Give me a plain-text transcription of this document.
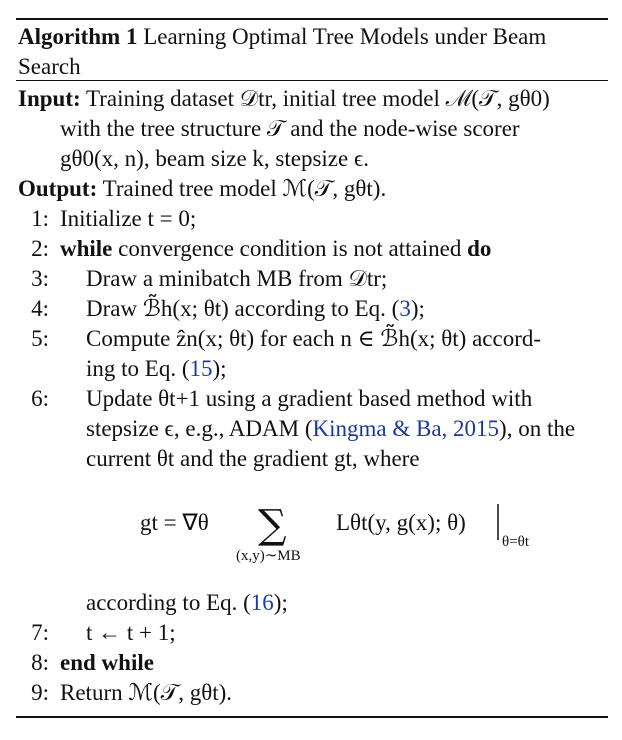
Algorithm 1 Learning Optimal Tree Models under Beam
Search
Input: Training dataset 𝒟tr, initial tree model ℳ(𝒯, gθ0)
with the tree structure 𝒯 and the node-wise scorer
gθ0(x, n), beam size k, stepsize ϵ.
Output: Trained tree model ℳ(𝒯, gθt).
1: Initialize t = 0;
2: while convergence condition is not attained do
3: Draw a minibatch MB from 𝒟tr;
4: Draw ℬ̃h(x; θt) according to Eq. (3);
5: Compute ẑn(x; θt) for each n ∈ ℬ̃h(x; θt) accord-
ing to Eq. (15);
6: Update θt+1 using a gradient based method with
stepsize ϵ, e.g., ADAM (Kingma & Ba, 2015), on the
current θt and the gradient gt, where
gt = ∇θ ∑
(x,y)∼MB
Lθt(y, g(x); θ)
θ=θt
according to Eq. (16);
7: t ← t + 1;
8: end while
9: Return ℳ(𝒯, gθt).
